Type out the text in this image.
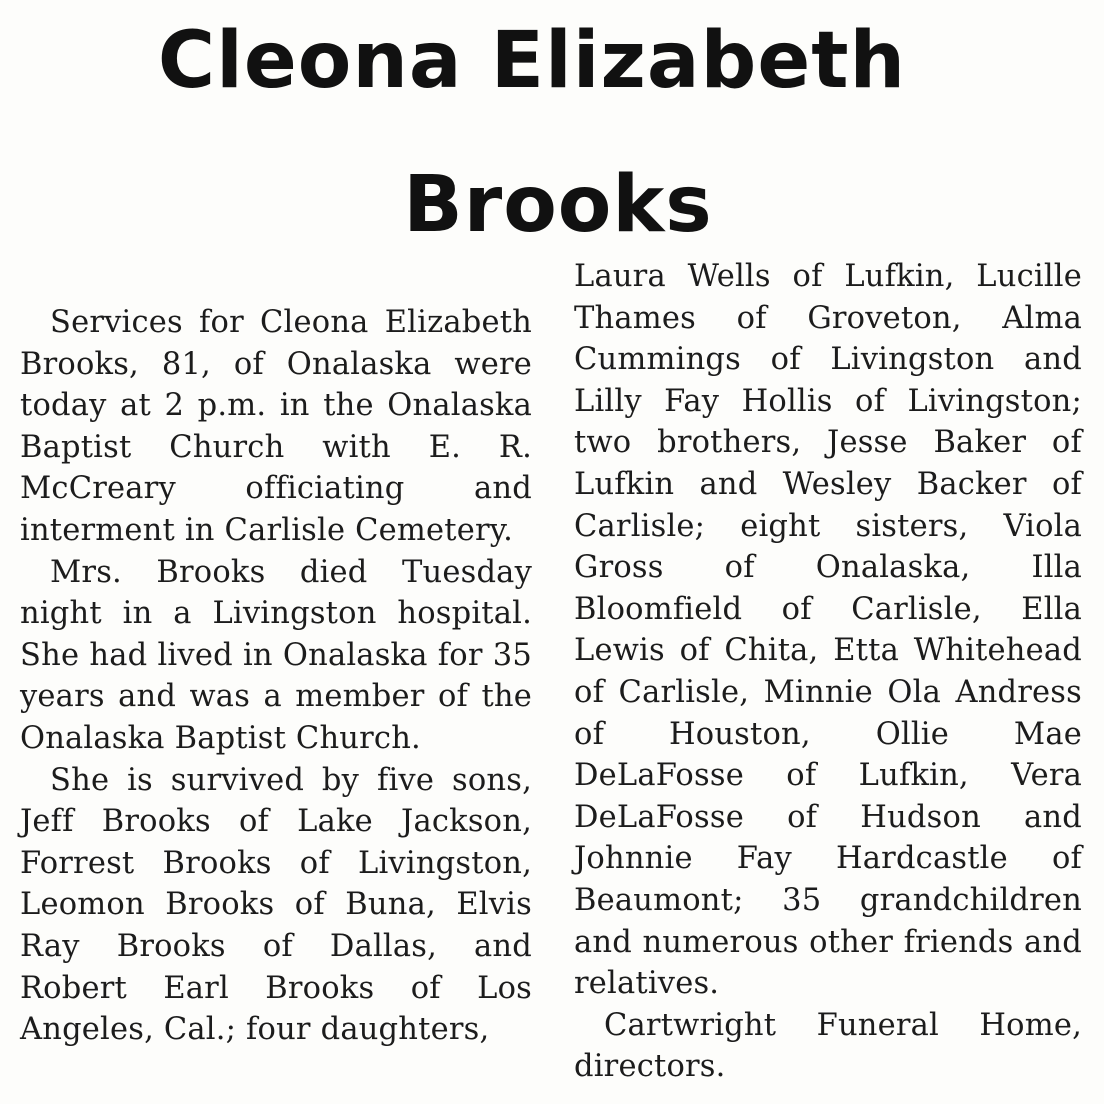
Cleona Elizabeth
Brooks

Services for Cleona Elizabeth Brooks, 81, of Onalaska were today at 2 p.m. in the Onalaska Baptist Church with E. R. McCreary officiating and interment in Carlisle Cemetery.

Mrs. Brooks died Tuesday night in a Livingston hospital. She had lived in Onalaska for 35 years and was a member of the Onalaska Baptist Church.

She is survived by five sons, Jeff Brooks of Lake Jackson, Forrest Brooks of Livingston, Leomon Brooks of Buna, Elvis Ray Brooks of Dallas, and Robert Earl Brooks of Los Angeles, Cal.; four daughters,

Laura Wells of Lufkin, Lucille Thames of Groveton, Alma Cummings of Livingston and Lilly Fay Hollis of Livingston; two brothers, Jesse Baker of Lufkin and Wesley Backer of Carlisle; eight sisters, Viola Gross of Onalaska, Illa Bloomfield of Carlisle, Ella Lewis of Chita, Etta Whitehead of Carlisle, Minnie Ola Andress of Houston, Ollie Mae DeLaFosse of Lufkin, Vera DeLaFosse of Hudson and Johnnie Fay Hardcastle of Beaumont; 35 grandchildren and numerous other friends and relatives.

Cartwright Funeral Home, directors.
